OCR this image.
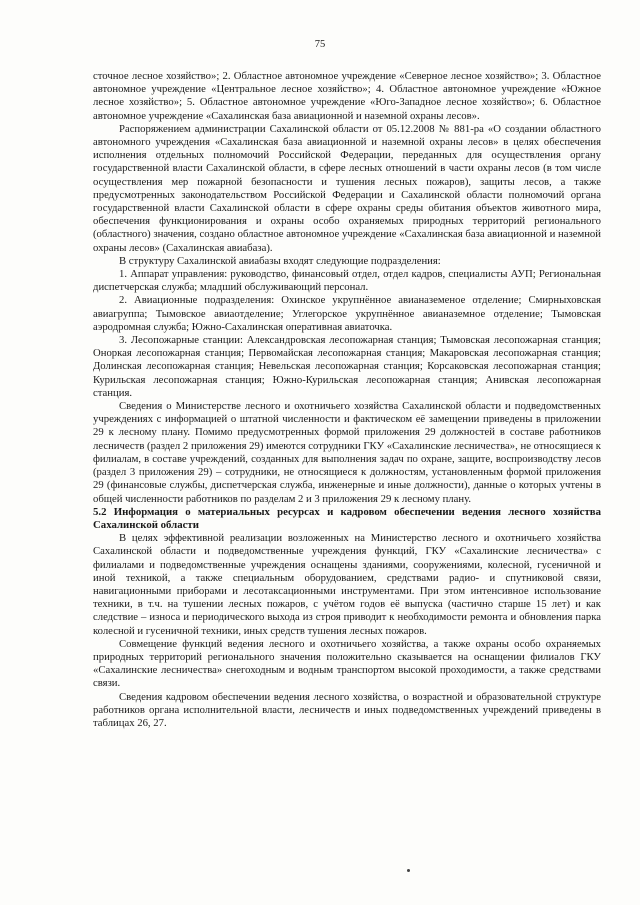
75

сточное лесное хозяйство»; 2. Областное автономное учреждение «Северное лесное хозяйство»; 3. Областное автономное учреждение «Центральное лесное хозяйство»; 4. Областное автономное учреждение «Южное лесное хозяйство»; 5. Областное автономное учреждение «Юго-Западное лесное хозяйство»; 6. Областное автономное учреждение «Сахалинская база авиационной и наземной охраны лесов».

Распоряжением администрации Сахалинской области от 05.12.2008 № 881-ра «О создании областного автономного учреждения «Сахалинская база авиационной и наземной охраны лесов» в целях обеспечения исполнения отдельных полномочий Российской Федерации, переданных для осуществления органу государственной власти Сахалинской области, в сфере лесных отношений в части охраны лесов (в том числе осуществления мер пожарной безопасности и тушения лесных пожаров), защиты лесов, а также предусмотренных законодательством Российской Федерации и Сахалинской области полномочий органа государственной власти Сахалинской области в сфере охраны среды обитания объектов животного мира, обеспечения функционирования и охраны особо охраняемых природных территорий регионального (областного) значения, создано областное автономное учреждение «Сахалинская база авиационной и наземной охраны лесов» (Сахалинская авиабаза).

В структуру Сахалинской авиабазы входят следующие подразделения:

1. Аппарат управления: руководство, финансовый отдел, отдел кадров, специалисты АУП; Региональная диспетчерская служба; младший обслуживающий персонал.

2. Авиационные подразделения: Охинское укрупнённое авианаземеное отделение; Смирныховская авиагруппа; Тымовское авиаотделение; Углегорское укрупнённое авианаземное отделение; Тымовская аэродромная служба; Южно-Сахалинская оперативная авиаточка.

3. Лесопожарные станции: Александровская лесопожарная станция; Тымовская лесопожарная станция; Оноркая лесопожарная станция; Первомайская лесопожарная станция; Макаровская лесопожарная станция; Долинская лесопожарная станция; Невельская лесопожарная станция; Корсаковская лесопожарная станция; Курильская лесопожарная станция; Южно-Курильская лесопожарная станция; Анивская лесопожарная станция.

Сведения о Министерстве лесного и охотничьего хозяйства Сахалинской области и подведомственных учреждениях с информацией о штатной численности и фактическом её замещении приведены в приложении 29 к лесному плану. Помимо предусмотренных формой приложения 29 должностей в составе работников лесничеств (раздел 2 приложения 29) имеются сотрудники ГКУ «Сахалинские лесничества», не относящиеся к филиалам, в составе учреждений, созданных для выполнения задач по охране, защите, воспроизводству лесов (раздел 3 приложения 29) – сотрудники, не относящиеся к должностям, установленным формой приложения 29 (финансовые службы, диспетчерская служба, инженерные и иные должности), данные о которых учтены в общей численности работников по разделам 2 и 3 приложения 29 к лесному плану.

5.2 Информация о материальных ресурсах и кадровом обеспечении ведения лесного хозяйства Сахалинской области

В целях эффективной реализации возложенных на Министерство лесного и охотничьего хозяйства Сахалинской области и подведомственные учреждения функций, ГКУ «Сахалинские лесничества» с филиалами и подведомственные учреждения оснащены зданиями, сооружениями, колесной, гусеничной и иной техникой, а также специальным оборудованием, средствами радио- и спутниковой связи, навигационными приборами и лесотаксационными инструментами. При этом интенсивное использование техники, в т.ч. на тушении лесных пожаров, с учётом годов её выпуска (частично старше 15 лет) и как следствие – износа и периодического выхода из строя приводит к необходимости ремонта и обновления парка колесной и гусеничной техники, иных средств тушения лесных пожаров.

Совмещение функций ведения лесного и охотничьего хозяйства, а также охраны особо охраняемых природных территорий регионального значения положительно сказывается на оснащении филиалов ГКУ «Сахалинские лесничества» снегоходным и водным транспортом высокой проходимости, а также средствами связи.

Сведения кадровом обеспечении ведения лесного хозяйства, о возрастной и образовательной структуре работников органа исполнительной власти, лесничеств и иных подведомственных учреждений приведены в таблицах 26, 27.
